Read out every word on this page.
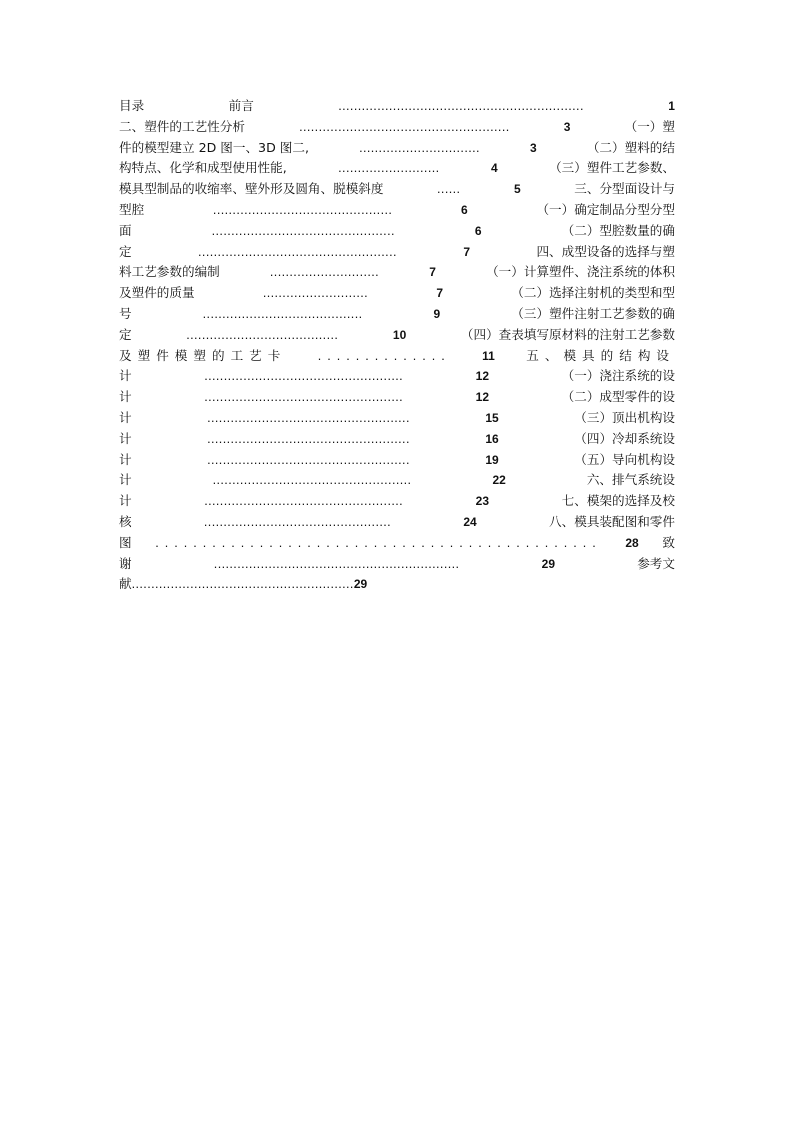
目录	前言	...............................................................	1
二、塑件的工艺性分析	......................................................	3	（一）塑
件的模型建立 2D 图一、3D 图二,	...............................	3	（二）塑料的结
构特点、化学和成型使用性能,	..........................	4	（三）塑件工艺参数、
模具型制品的收缩率、壁外形及圆角、脱模斜度	......	5	三、分型面设计与
型腔	..............................................	6	（一）确定制品分型分型
面	...............................................	6	（二）型腔数量的确
定	...................................................	7	四、成型设备的选择与塑
料工艺参数的编制	............................	7	（一）计算塑件、浇注系统的体积
及塑件的质量	...........................	7	（二）选择注射机的类型和型
号	.........................................	9	（三）塑件注射工艺参数的确
定	.......................................	10	（四）查表填写原材料的注射工艺参数
及塑件模塑的工艺卡 ..............	11 五、模具的结构设
计	...................................................	12	（一）浇注系统的设
计	...................................................	12	（二）成型零件的设
计	....................................................	15	（三）顶出机构设
计	....................................................	16	（四）冷却系统设
计	....................................................	19	（五）导向机构设
计	...................................................	22	六、排气系统设
计	...................................................	23	七、模架的选择及校
核	................................................	24	八、模具装配图和零件
图 ............................................... 28 致
谢	...............................................................	29	参考文
献 ......................................................... 29
